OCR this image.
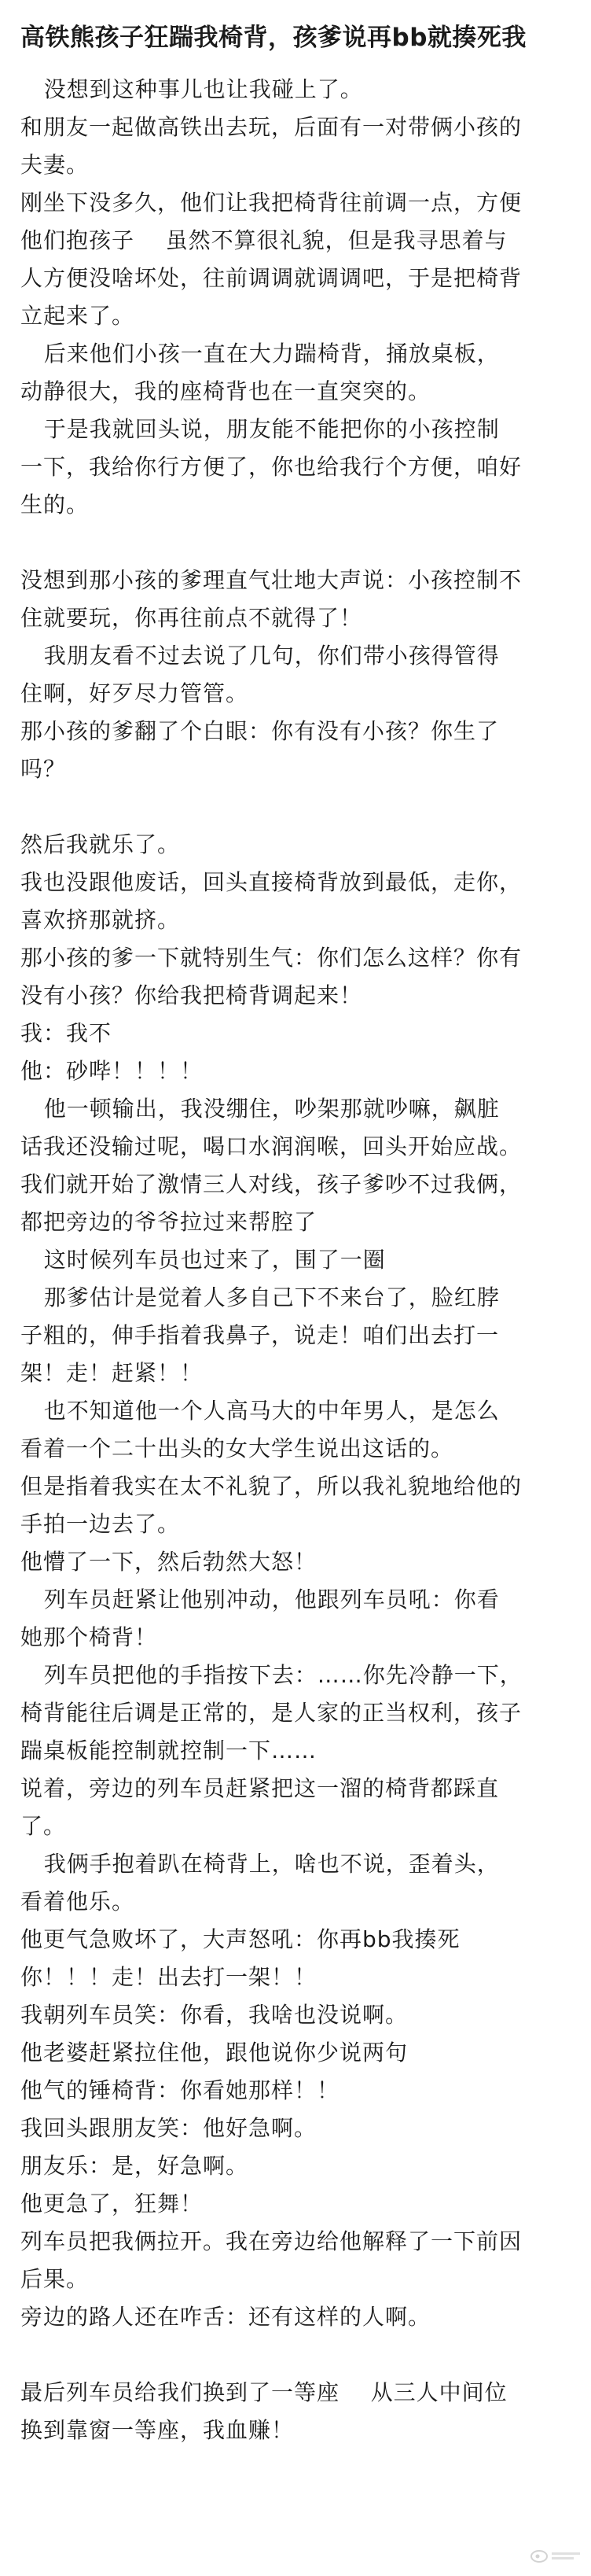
高铁熊孩子狂踹我椅背，孩爹说再bb就揍死我
没想到这种事儿也让我碰上了。
和朋友一起做高铁出去玩，后面有一对带俩小孩的
夫妻。
刚坐下没多久，他们让我把椅背往前调一点，方便
他们抱孩子    虽然不算很礼貌，但是我寻思着与
人方便没啥坏处，往前调调就调调吧，于是把椅背
立起来了。
后来他们小孩一直在大力踹椅背，捅放桌板，
动静很大，我的座椅背也在一直突突的。
于是我就回头说，朋友能不能把你的小孩控制
一下，我给你行方便了，你也给我行个方便，咱好
生的。
没想到那小孩的爹理直气壮地大声说：小孩控制不
住就要玩，你再往前点不就得了！
我朋友看不过去说了几句，你们带小孩得管得
住啊，好歹尽力管管。
那小孩的爹翻了个白眼：你有没有小孩？你生了
吗？
然后我就乐了。
我也没跟他废话，回头直接椅背放到最低，走你，
喜欢挤那就挤。
那小孩的爹一下就特别生气：你们怎么这样？你有
没有小孩？你给我把椅背调起来！
我：我不
他：砂哔！！！！
他一顿输出，我没绷住，吵架那就吵嘛，飙脏
话我还没输过呢，喝口水润润喉，回头开始应战。
我们就开始了激情三人对线，孩子爹吵不过我俩，
都把旁边的爷爷拉过来帮腔了
这时候列车员也过来了，围了一圈
那爹估计是觉着人多自己下不来台了，脸红脖
子粗的，伸手指着我鼻子，说走！咱们出去打一
架！走！赶紧！！
也不知道他一个人高马大的中年男人，是怎么
看着一个二十出头的女大学生说出这话的。
但是指着我实在太不礼貌了，所以我礼貌地给他的
手拍一边去了。
他懵了一下，然后勃然大怒！
列车员赶紧让他别冲动，他跟列车员吼：你看
她那个椅背！
列车员把他的手指按下去：……你先冷静一下，
椅背能往后调是正常的，是人家的正当权利，孩子
踹桌板能控制就控制一下……
说着，旁边的列车员赶紧把这一溜的椅背都踩直
了。
我俩手抱着趴在椅背上，啥也不说，歪着头，
看着他乐。
他更气急败坏了，大声怒吼：你再bb我揍死
你！！！走！出去打一架！！
我朝列车员笑：你看，我啥也没说啊。
他老婆赶紧拉住他，跟他说你少说两句
他气的锤椅背：你看她那样！！
我回头跟朋友笑：他好急啊。
朋友乐：是，好急啊。
他更急了，狂舞！
列车员把我俩拉开。我在旁边给他解释了一下前因
后果。
旁边的路人还在咋舌：还有这样的人啊。
最后列车员给我们换到了一等座    从三人中间位
换到靠窗一等座，我血赚！
